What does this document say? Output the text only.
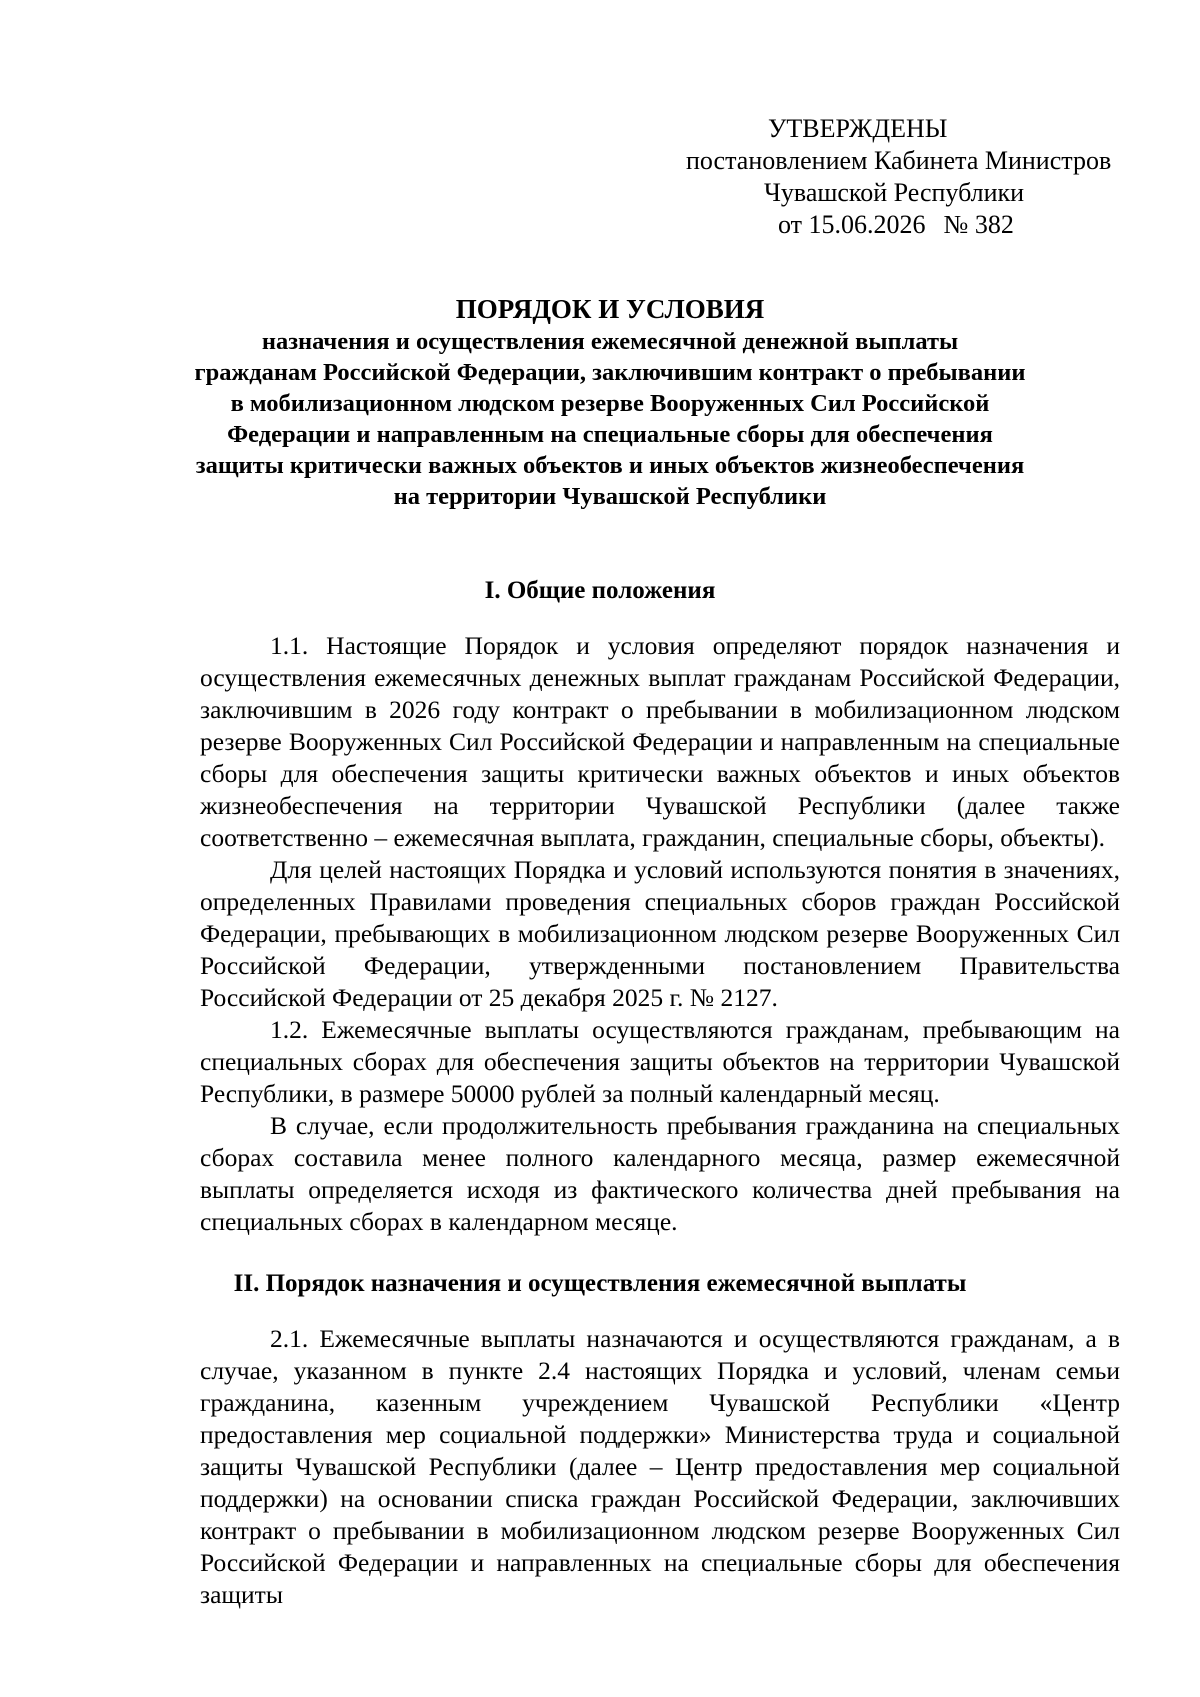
УТВЕРЖДЕНЫ
постановлением Кабинета Министров
Чувашской Республики
от 15.06.2026 № 382
ПОРЯДОК И УСЛОВИЯ
назначения и осуществления ежемесячной денежной выплаты
гражданам Российской Федерации, заключившим контракт о пребывании
в мобилизационном людском резерве Вооруженных Сил Российской
Федерации и направленным на специальные сборы для обеспечения
защиты критически важных объектов и иных объектов жизнеобеспечения
на территории Чувашской Республики
I. Общие положения

1.1. Настоящие Порядок и условия определяют порядок назначения и осуществления ежемесячных денежных выплат гражданам Российской Федерации, заключившим в 2026 году контракт о пребывании в мобилизационном людском резерве Вооруженных Сил Российской Федерации и направленным на специальные сборы для обеспечения защиты критически важных объектов и иных объектов жизнеобеспечения на территории Чувашской Республики (далее также соответственно – ежемесячная выплата, гражданин, специальные сборы, объекты).

Для целей настоящих Порядка и условий используются понятия в значениях, определенных Правилами проведения специальных сборов граждан Российской Федерации, пребывающих в мобилизационном людском резерве Вооруженных Сил Российской Федерации, утвержденными постановлением Правительства Российской Федерации от 25 декабря 2025 г. № 2127.

1.2. Ежемесячные выплаты осуществляются гражданам, пребывающим на специальных сборах для обеспечения защиты объектов на территории Чувашской Республики, в размере 50000 рублей за полный календарный месяц.

В случае, если продолжительность пребывания гражданина на специальных сборах составила менее полного календарного месяца, размер ежемесячной выплаты определяется исходя из фактического количества дней пребывания на специальных сборах в календарном месяце.

II. Порядок назначения и осуществления ежемесячной выплаты

2.1. Ежемесячные выплаты назначаются и осуществляются гражданам, а в случае, указанном в пункте 2.4 настоящих Порядка и условий, членам семьи гражданина, казенным учреждением Чувашской Республики «Центр предоставления мер социальной поддержки» Министерства труда и социальной защиты Чувашской Республики (далее – Центр предоставления мер социальной поддержки) на основании списка граждан Российской Федерации, заключивших контракт о пребывании в мобилизационном людском резерве Вооруженных Сил Российской Федерации и направленных на специальные сборы для обеспечения защиты
